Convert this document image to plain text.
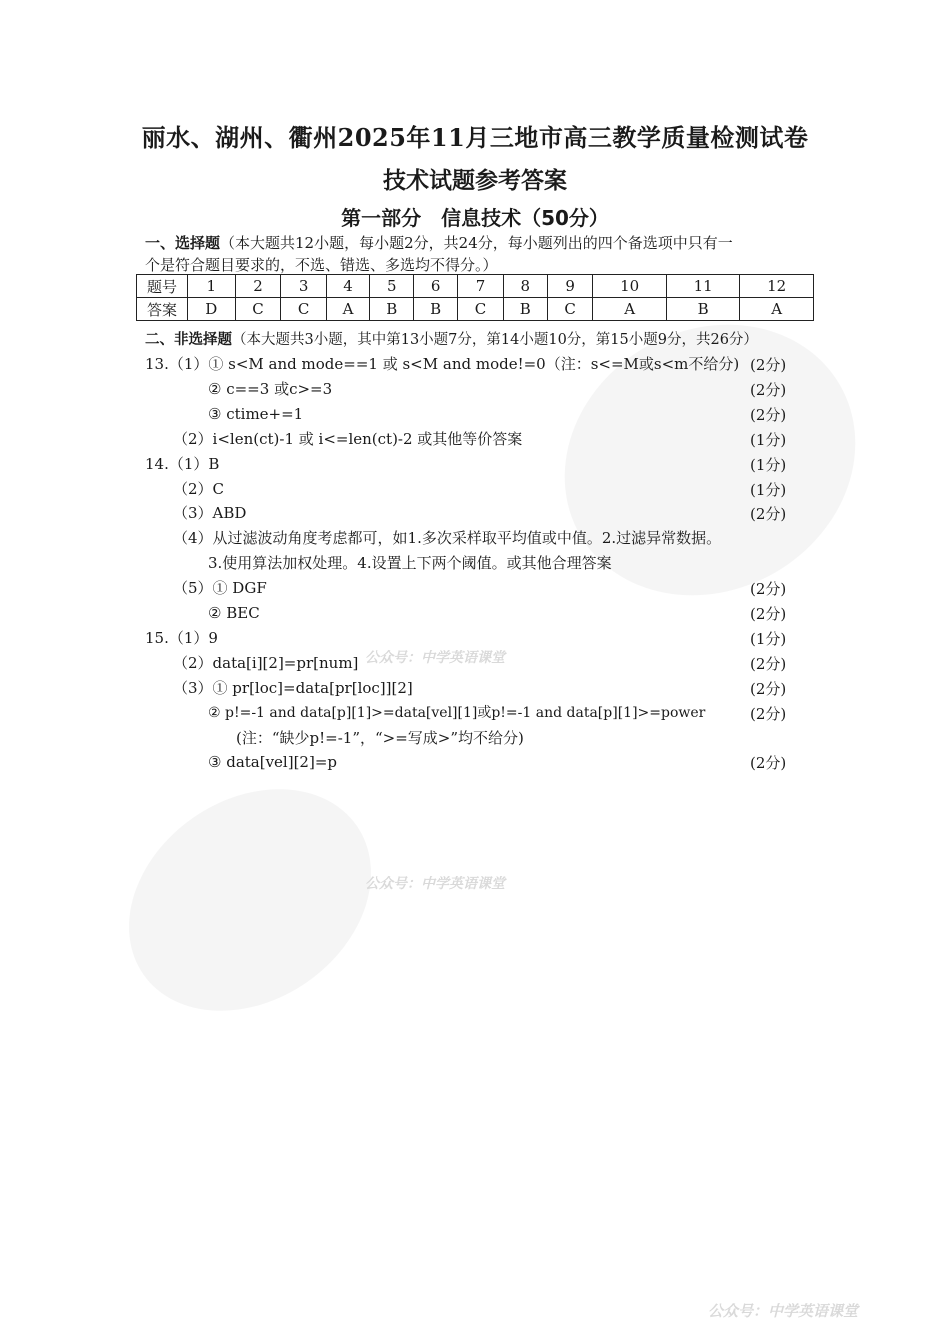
丽水、湖州、衢州2025年11月三地市高三教学质量检测试卷
技术试题参考答案
第一部分　信息技术（50分）
一、选择题（本大题共12小题，每小题2分，共24分，每小题列出的四个备选项中只有一
个是符合题目要求的，不选、错选、多选均不得分。）
题号	1	2	3	4	5	6	7	8	9	10	11	12
答案	D	C	C	A	B	B	C	B	C	A	B	A
二、非选择题（本大题共3小题，其中第13小题7分，第14小题10分，第15小题9分，共26分）
13.（1）① s<M and mode==1 或 s<M and mode!=0（注：s<=M或s<m不给分) (2分)
② c==3 或c>=3	(2分)
③ ctime+=1	(2分)
（2）i<len(ct)-1 或 i<=len(ct)-2 或其他等价答案	(1分)
14.（1）B	(1分)
（2）C	(1分)
（3）ABD	(2分)
（4）从过滤波动角度考虑都可，如1.多次采样取平均值或中值。2.过滤异常数据。
3.使用算法加权处理。4.设置上下两个阈值。或其他合理答案
（5）① DGF	(2分)
② BEC	(2分)
15.（1）9	(1分)
（2）data[i][2]=pr[num]	(2分)
（3）① pr[loc]=data[pr[loc]][2]	(2分)
② p!=-1 and data[p][1]>=data[vel][1]或p!=-1 and data[p][1]>=power	(2分)
(注：“缺少p!=-1”，“>=写成>”均不给分)
③ data[vel][2]=p	(2分)
公众号：中学英语课堂
公众号：中学英语课堂
公众号：中学英语课堂
